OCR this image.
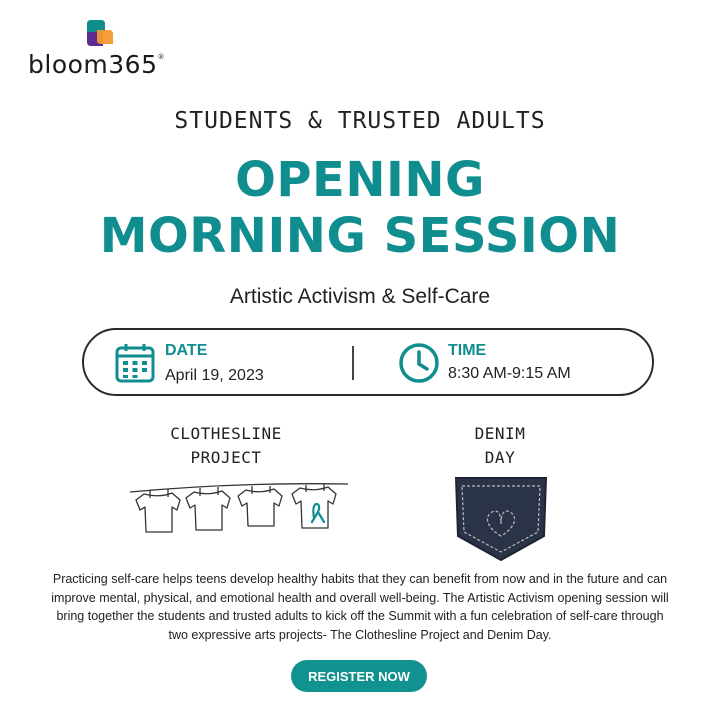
bloom365®
STUDENTS & TRUSTED ADULTS
OPENING
MORNING SESSION
Artistic Activism & Self-Care
DATE
April 19, 2023
TIME
8:30 AM-9:15 AM
CLOTHESLINE
PROJECT
DENIM
DAY
Practicing self-care helps teens develop healthy habits that they can benefit from now and in the future and can improve mental, physical, and emotional health and overall well-being. The Artistic Activism opening session will bring together the students and trusted adults to kick off the Summit with a fun celebration of self-care through two expressive arts projects- The Clothesline Project and Denim Day.
REGISTER NOW
